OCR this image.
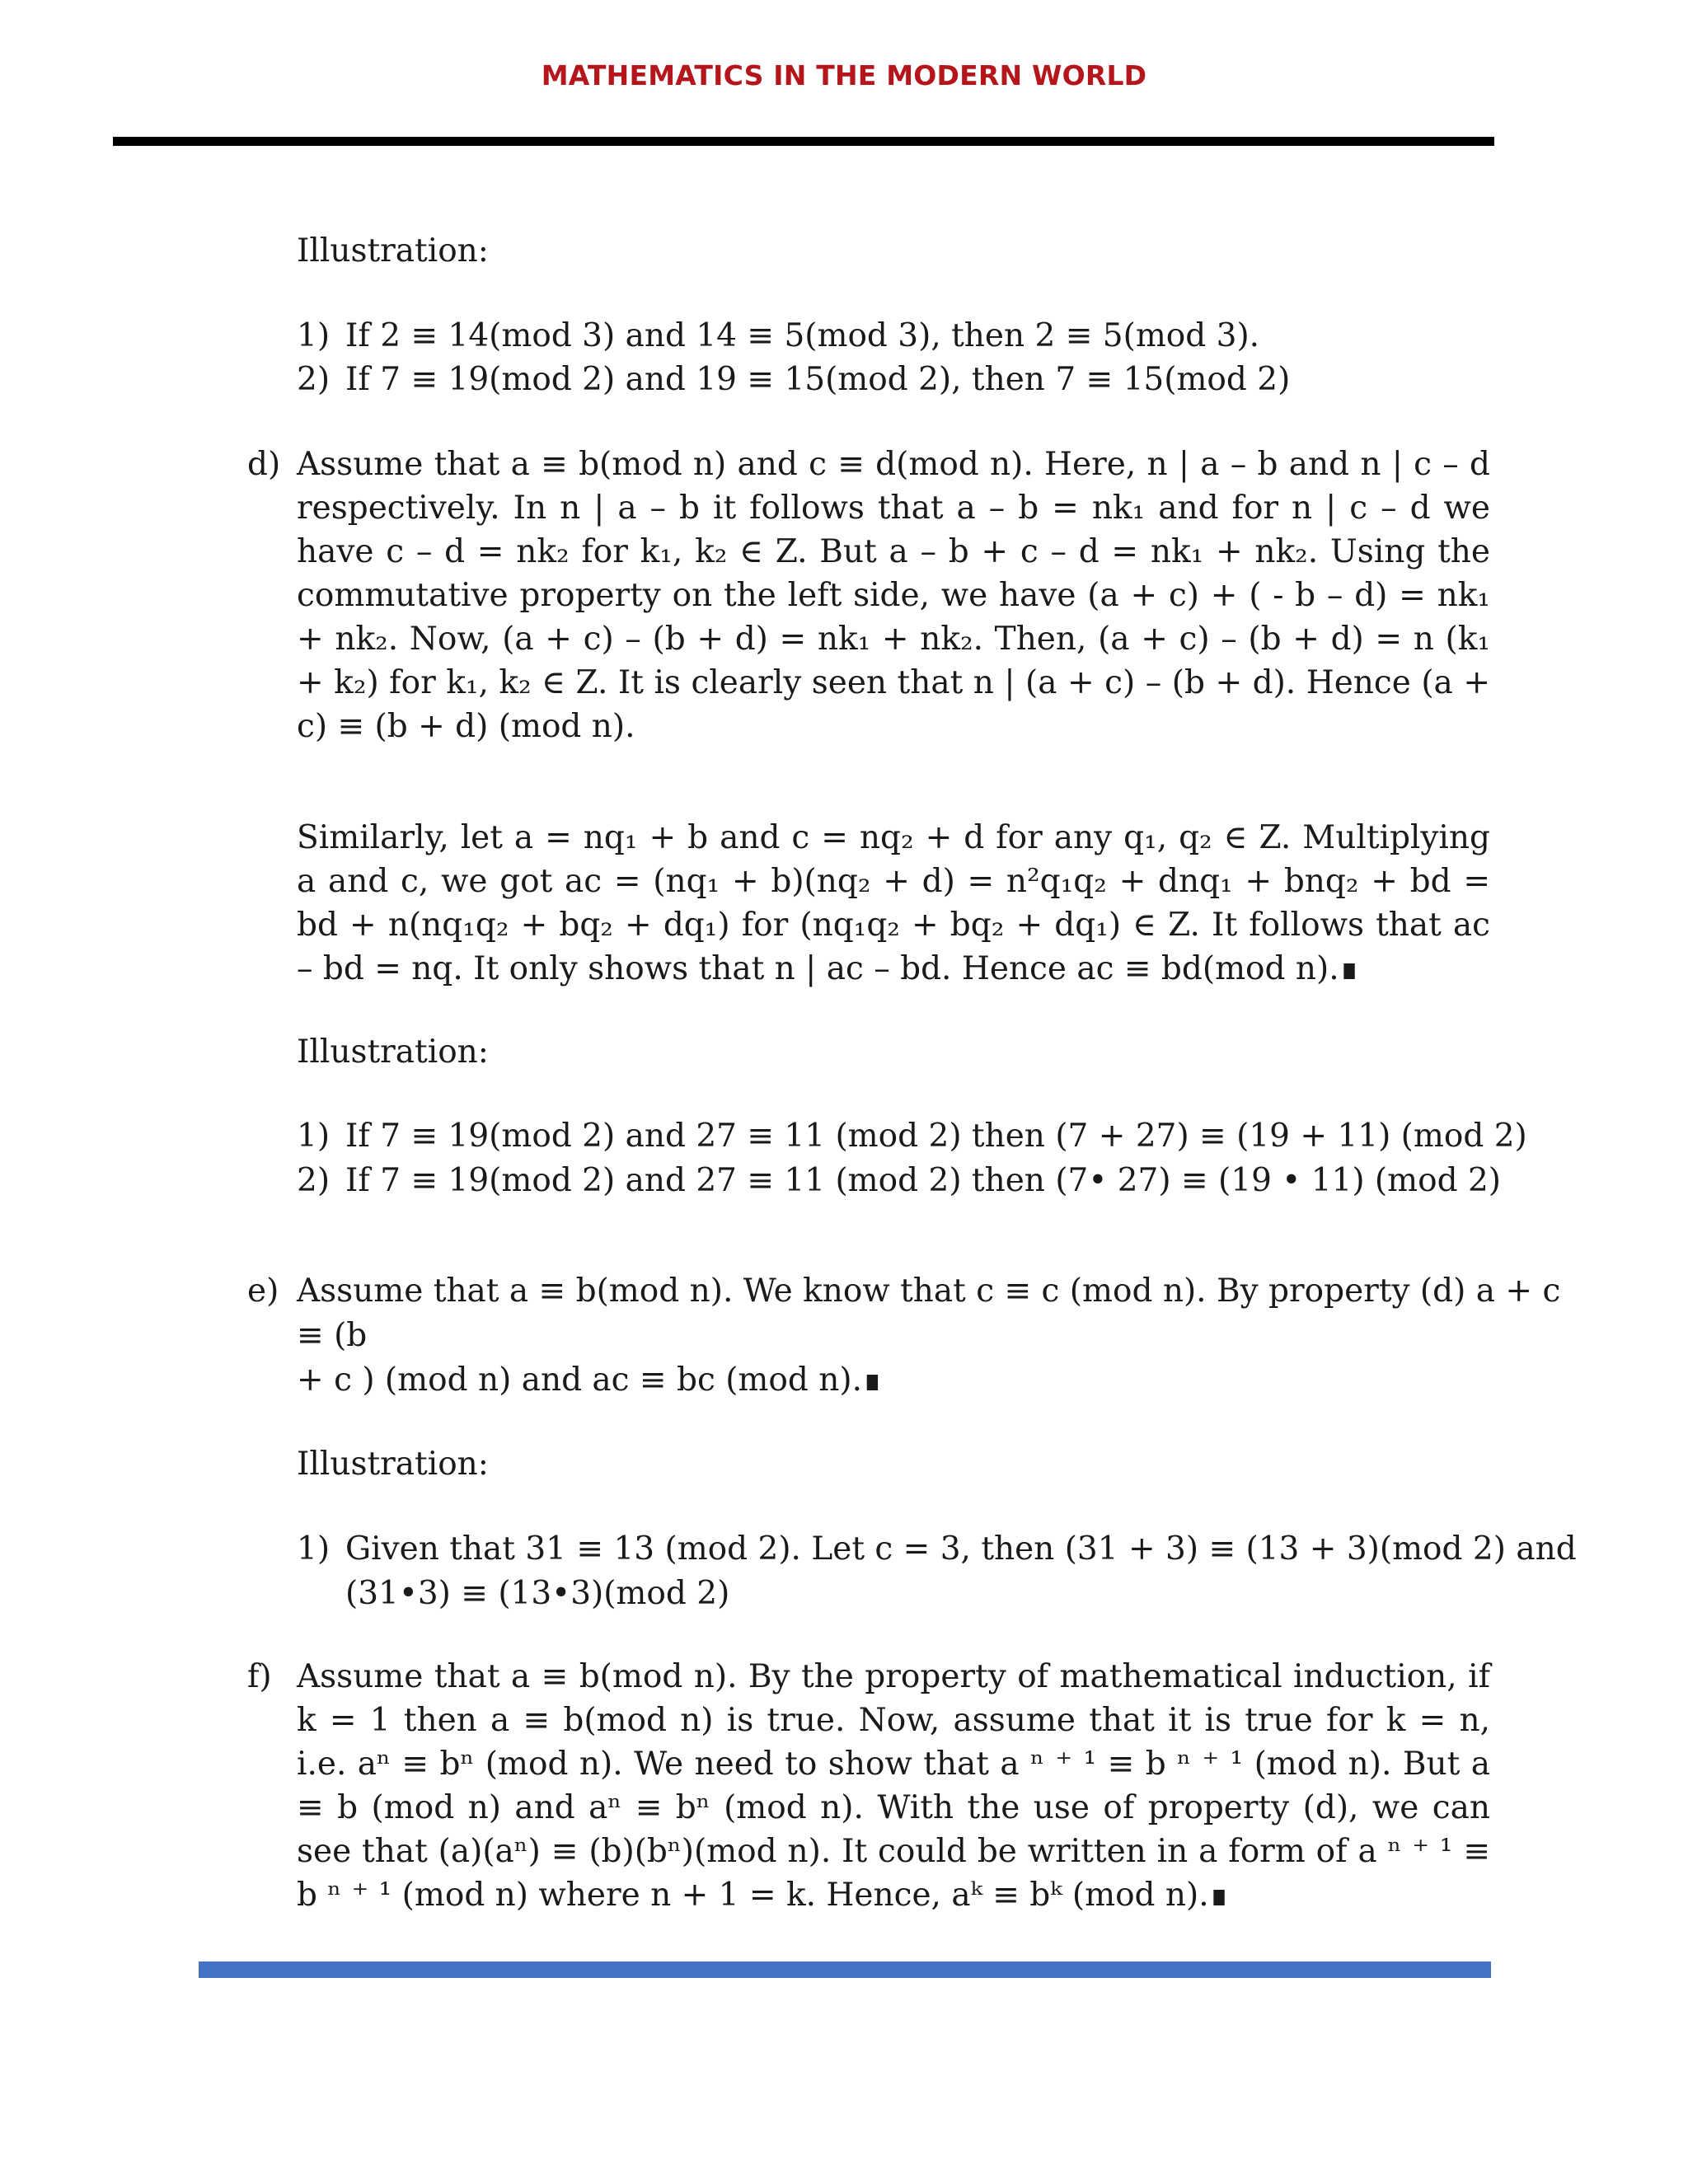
MATHEMATICS IN THE MODERN WORLD
Illustration:
1) If 2 ≡ 14(mod 3) and 14 ≡ 5(mod 3), then 2 ≡ 5(mod 3).
2) If 7 ≡ 19(mod 2) and 19 ≡ 15(mod 2), then 7 ≡ 15(mod 2)
d) Assume that a ≡ b(mod n) and c ≡ d(mod n). Here, n | a – b and n | c – d respectively. In n | a – b it follows that a – b = nk₁ and for n | c – d we have c – d = nk₂ for k₁, k₂ ∈ Z. But a – b + c – d = nk₁ + nk₂. Using the commutative property on the left side, we have (a + c) + ( - b – d) = nk₁ + nk₂. Now, (a + c) – (b + d) = nk₁ + nk₂. Then, (a + c) – (b + d) = n (k₁ + k₂) for k₁, k₂ ∈ Z. It is clearly seen that n | (a + c) – (b + d). Hence (a + c) ≡ (b + d) (mod n).
Similarly, let a = nq₁ + b and c = nq₂ + d for any q₁, q₂ ∈ Z. Multiplying a and c, we got ac = (nq₁ + b)(nq₂ + d) = n²q₁q₂ + dnq₁ + bnq₂ + bd = bd + n(nq₁q₂ + bq₂ + dq₁) for (nq₁q₂ + bq₂ + dq₁) ∈ Z. It follows that ac – bd = nq. It only shows that n | ac – bd. Hence ac ≡ bd(mod n).∎
Illustration:
1) If 7 ≡ 19(mod 2) and 27 ≡ 11 (mod 2) then (7 + 27) ≡ (19 + 11) (mod 2)
2) If 7 ≡ 19(mod 2) and 27 ≡ 11 (mod 2) then (7• 27) ≡ (19 • 11) (mod 2)
e) Assume that a ≡ b(mod n). We know that c ≡ c (mod n). By property (d) a + c
≡ (b
+ c ) (mod n) and ac ≡ bc (mod n).∎
Illustration:
1) Given that 31 ≡ 13 (mod 2). Let c = 3, then (31 + 3) ≡ (13 + 3)(mod 2) and
(31•3) ≡ (13•3)(mod 2)
f) Assume that a ≡ b(mod n). By the property of mathematical induction, if k = 1 then a ≡ b(mod n) is true. Now, assume that it is true for k = n, i.e. aⁿ ≡ bⁿ (mod n). We need to show that a ⁿ ⁺ ¹ ≡ b ⁿ ⁺ ¹ (mod n). But a ≡ b (mod n) and aⁿ ≡ bⁿ (mod n). With the use of property (d), we can see that (a)(aⁿ) ≡ (b)(bⁿ)(mod n). It could be written in a form of a ⁿ ⁺ ¹ ≡ b ⁿ ⁺ ¹ (mod n) where n + 1 = k. Hence, aᵏ ≡ bᵏ (mod n).∎
